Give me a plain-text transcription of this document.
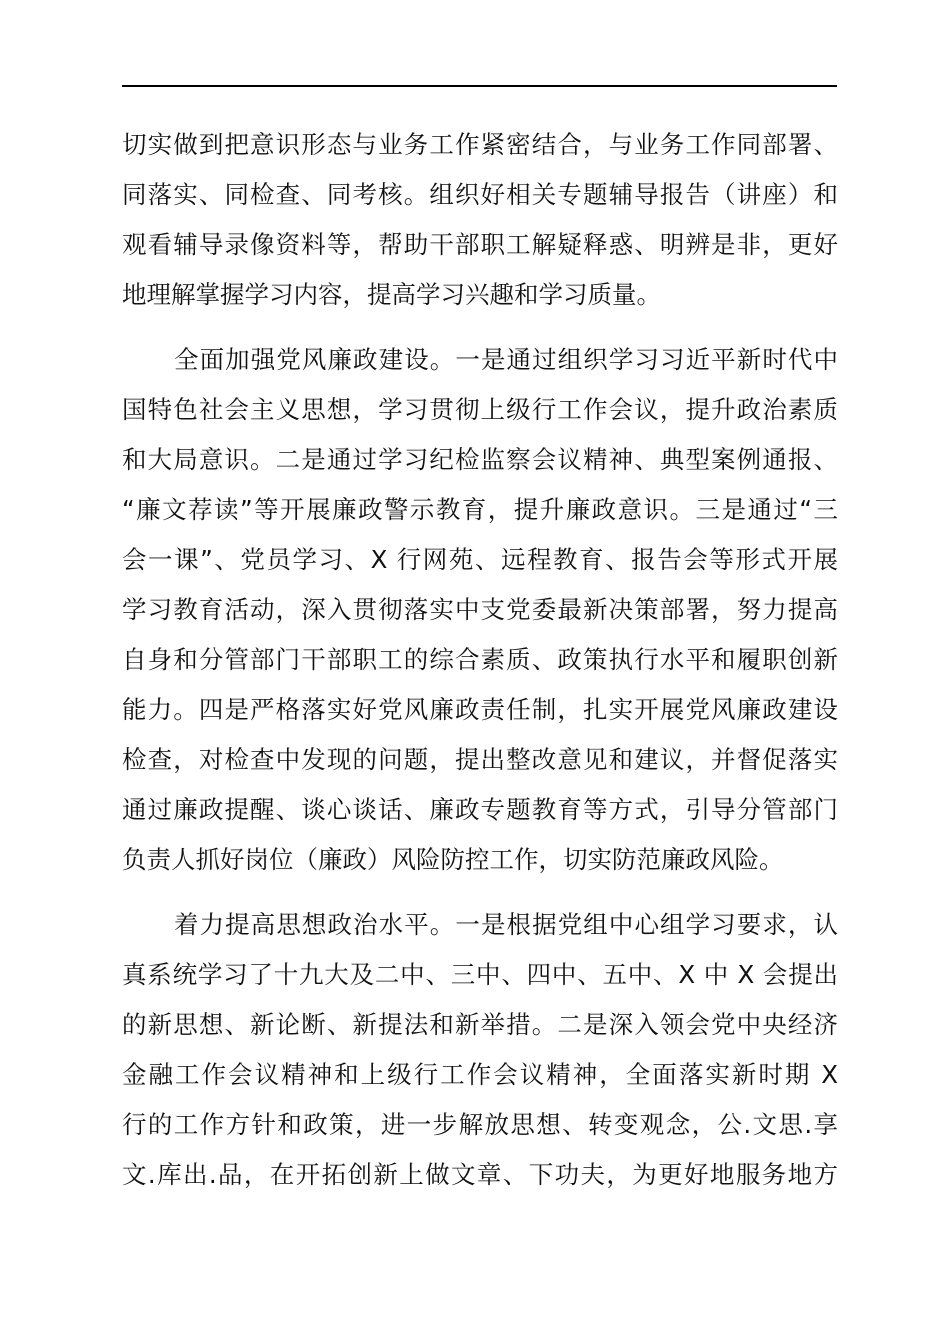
切实做到把意识形态与业务工作紧密结合，与业务工作同部署、
同落实、同检查、同考核。组织好相关专题辅导报告（讲座）和
观看辅导录像资料等，帮助干部职工解疑释惑、明辨是非，更好
地理解掌握学习内容，提高学习兴趣和学习质量。
全面加强党风廉政建设。一是通过组织学习习近平新时代中
国特色社会主义思想，学习贯彻上级行工作会议，提升政治素质
和大局意识。二是通过学习纪检监察会议精神、典型案例通报、
“廉文荐读”等开展廉政警示教育，提升廉政意识。三是通过“三
会一课”、党员学习、X 行网苑、远程教育、报告会等形式开展
学习教育活动，深入贯彻落实中支党委最新决策部署，努力提高
自身和分管部门干部职工的综合素质、政策执行水平和履职创新
能力。四是严格落实好党风廉政责任制，扎实开展党风廉政建设
检查，对检查中发现的问题，提出整改意见和建议，并督促落实
通过廉政提醒、谈心谈话、廉政专题教育等方式，引导分管部门
负责人抓好岗位（廉政）风险防控工作，切实防范廉政风险。
着力提高思想政治水平。一是根据党组中心组学习要求，认
真系统学习了十九大及二中、三中、四中、五中、X 中 X 会提出
的新思想、新论断、新提法和新举措。二是深入领会党中央经济
金融工作会议精神和上级行工作会议精神，全面落实新时期 X
行的工作方针和政策，进一步解放思想、转变观念，公.文思.享
文.库出.品，在开拓创新上做文章、下功夫，为更好地服务地方
